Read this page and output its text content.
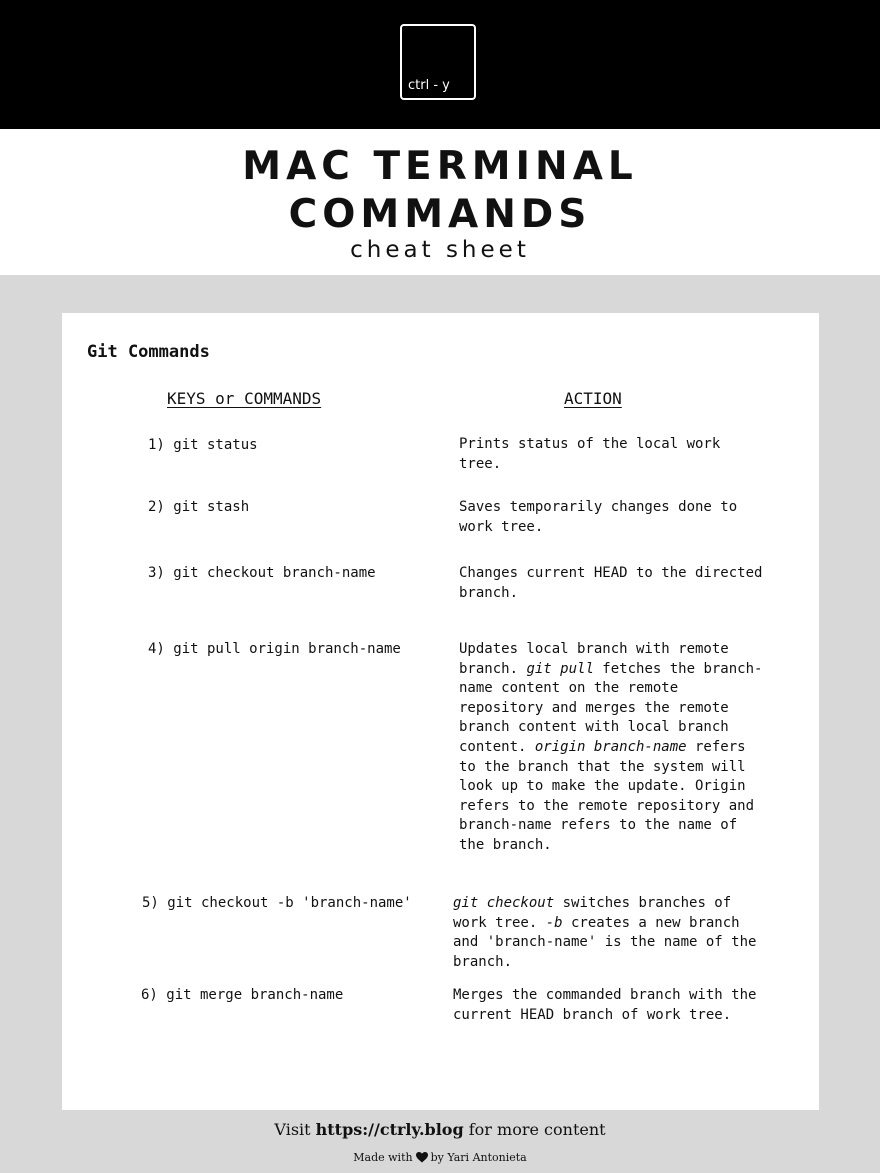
ctrl - y
MAC TERMINAL
COMMANDS
cheat sheet
Git Commands
KEYS or COMMANDS	ACTION
1) git status	Prints status of the local work tree.
2) git stash	Saves temporarily changes done to work tree.
3) git checkout branch-name	Changes current HEAD to the directed branch.
4) git pull origin branch-name	Updates local branch with remote branch. git pull fetches the branch-name content on the remote repository and merges the remote branch content with local branch content. origin branch-name refers to the branch that the system will look up to make the update. Origin refers to the remote repository and branch-name refers to the name of the branch.
5) git checkout -b 'branch-name'	git checkout switches branches of work tree. -b creates a new branch and 'branch-name' is the name of the branch.
6) git merge branch-name	Merges the commanded branch with the current HEAD branch of work tree.
Visit https://ctrly.blog for more content
Made with by Yari Antonieta
